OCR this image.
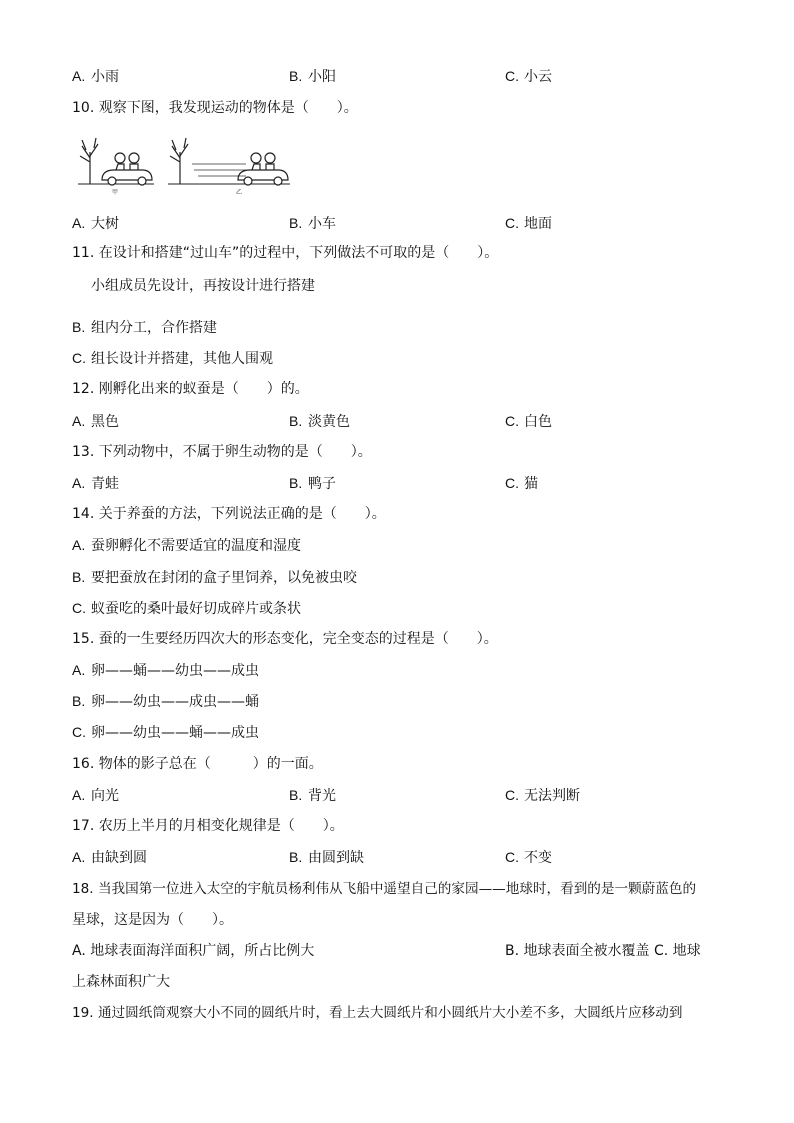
A. 小雨	B. 小阳	C. 小云
10. 观察下图，我发现运动的物体是（　　）。
甲	乙
A. 大树	B. 小车	C. 地面
11. 在设计和搭建“过山车”的过程中，下列做法不可取的是（　　）。
A. 小组成员先设计，再按设计进行搭建
B. 组内分工，合作搭建
C. 组长设计并搭建，其他人围观
12. 刚孵化出来的蚁蚕是（　　）的。
A. 黑色	B. 淡黄色	C. 白色
13. 下列动物中，不属于卵生动物的是（　　）。
A. 青蛙	B. 鸭子	C. 猫
14. 关于养蚕的方法，下列说法正确的是（　　）。
A. 蚕卵孵化不需要适宜的温度和湿度
B. 要把蚕放在封闭的盒子里饲养，以免被虫咬
C. 蚁蚕吃的桑叶最好切成碎片或条状
15. 蚕的一生要经历四次大的形态变化，完全变态的过程是（　　）。
A. 卵——蛹——幼虫——成虫
B. 卵——幼虫——成虫——蛹
C. 卵——幼虫——蛹——成虫
16. 物体的影子总在（　　　）的一面。
A. 向光	B. 背光	C. 无法判断
17. 农历上半月的月相变化规律是（　　）。
A. 由缺到圆	B. 由圆到缺	C. 不变
18. 当我国第一位进入太空的宇航员杨利伟从飞船中遥望自己的家园——地球时，看到的是一颗蔚蓝色的
星球，这是因为（　　）。
A. 地球表面海洋面积广阔，所占比例大	B. 地球表面全被水覆盖 C. 地球
上森林面积广大
19. 通过圆纸筒观察大小不同的圆纸片时，看上去大圆纸片和小圆纸片大小差不多，大圆纸片应移动到
